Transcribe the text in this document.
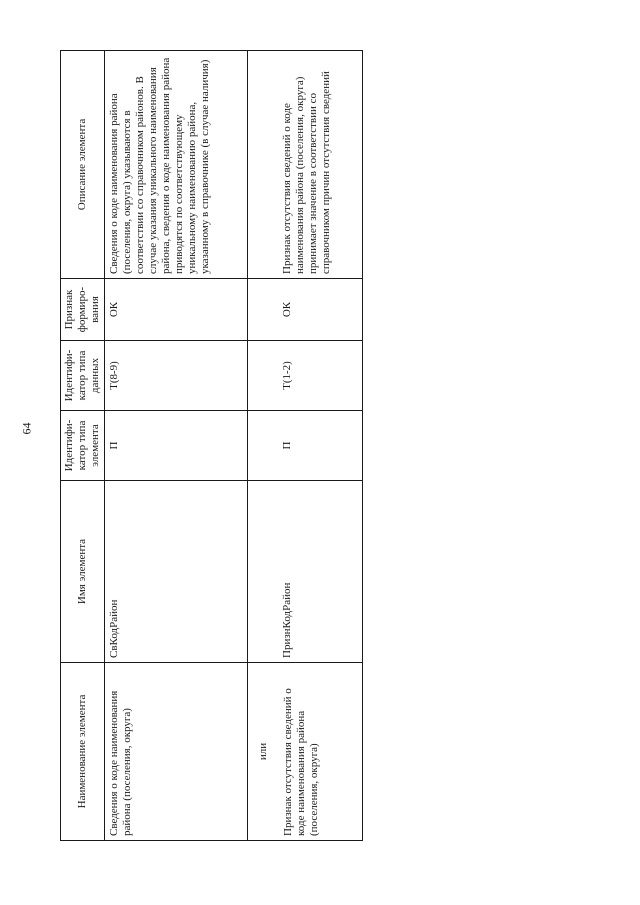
64
Наименование элемента	Имя элемента	Идентифи-
катор типа
элемента	Идентифи-
катор типа
данных	Признак
формиро-
вания	Описание элемента
Сведения о коде наименования района (поселения, округа)	СвКодРайон	П	Т(8-9)	ОК	Сведения о коде наименования района (поселения, округа) указываются в соответствии со справочником районов. В случае указания уникального наименования района, сведения о коде наименования района приводятся по соответствующему уникальному наименованию района, указанному в справочнике (в случае наличия)

или Признак отсутствия сведений о коде наименования района (поселения, округа)	ПризнКодРайон	П	Т(1-2)	ОК	Признак отсутствия сведений о коде наименования района (поселения, округа) принимает значение в соответствии со справочником причин отсутствия сведений
